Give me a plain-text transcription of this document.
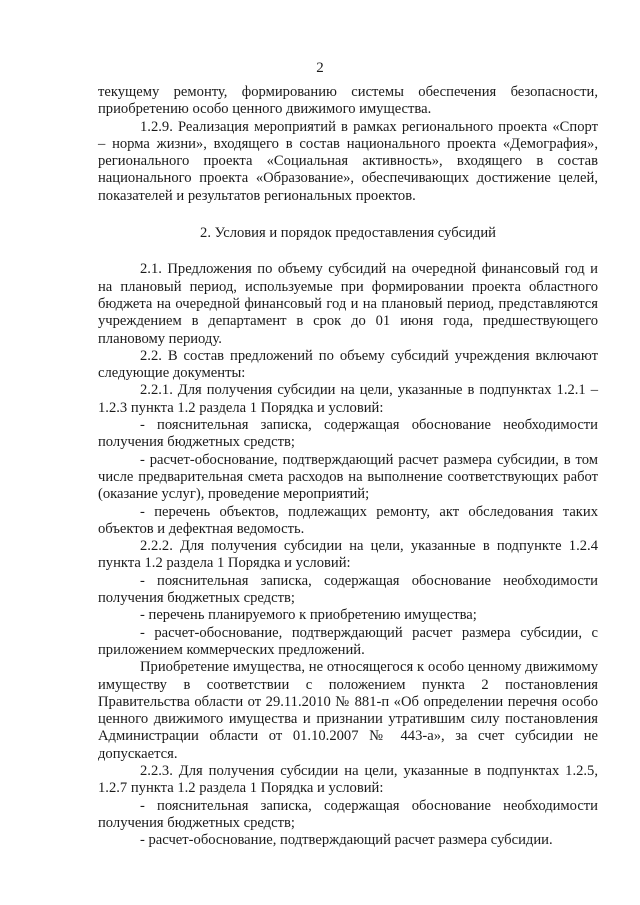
2

текущему ремонту, формированию системы обеспечения безопасности, приобретению особо ценного движимого имущества.

1.2.9. Реализация мероприятий в рамках регионального проекта «Спорт – норма жизни», входящего в состав национального проекта «Демография», регионального проекта «Социальная активность», входящего в состав национального проекта «Образование», обеспечивающих достижение целей, показателей и результатов региональных проектов.

2. Условия и порядок предоставления субсидий

2.1. Предложения по объему субсидий на очередной финансовый год и на плановый период, используемые при формировании проекта областного бюджета на очередной финансовый год и на плановый период, представляются учреждением в департамент в срок до 01 июня года, предшествующего плановому периоду.

2.2. В состав предложений по объему субсидий учреждения включают следующие документы:

2.2.1. Для получения субсидии на цели, указанные в подпунктах 1.2.1 – 1.2.3 пункта 1.2 раздела 1 Порядка и условий:

- пояснительная записка, содержащая обоснование необходимости получения бюджетных средств;

- расчет-обоснование, подтверждающий расчет размера субсидии, в том числе предварительная смета расходов на выполнение соответствующих работ (оказание услуг), проведение мероприятий;

- перечень объектов, подлежащих ремонту, акт обследования таких объектов и дефектная ведомость.

2.2.2. Для получения субсидии на цели, указанные в подпункте 1.2.4 пункта 1.2 раздела 1 Порядка и условий:

- пояснительная записка, содержащая обоснование необходимости получения бюджетных средств;

- перечень планируемого к приобретению имущества;

- расчет-обоснование, подтверждающий расчет размера субсидии, с приложением коммерческих предложений.

Приобретение имущества, не относящегося к особо ценному движимому имуществу в соответствии с положением пункта 2 постановления Правительства области от 29.11.2010 № 881-п «Об определении перечня особо ценного движимого имущества и признании утратившим силу постановления Администрации области от 01.10.2007 № 443-а», за счет субсидии не допускается.

2.2.3. Для получения субсидии на цели, указанные в подпунктах 1.2.5, 1.2.7 пункта 1.2 раздела 1 Порядка и условий:

- пояснительная записка, содержащая обоснование необходимости получения бюджетных средств;

- расчет-обоснование, подтверждающий расчет размера субсидии.
